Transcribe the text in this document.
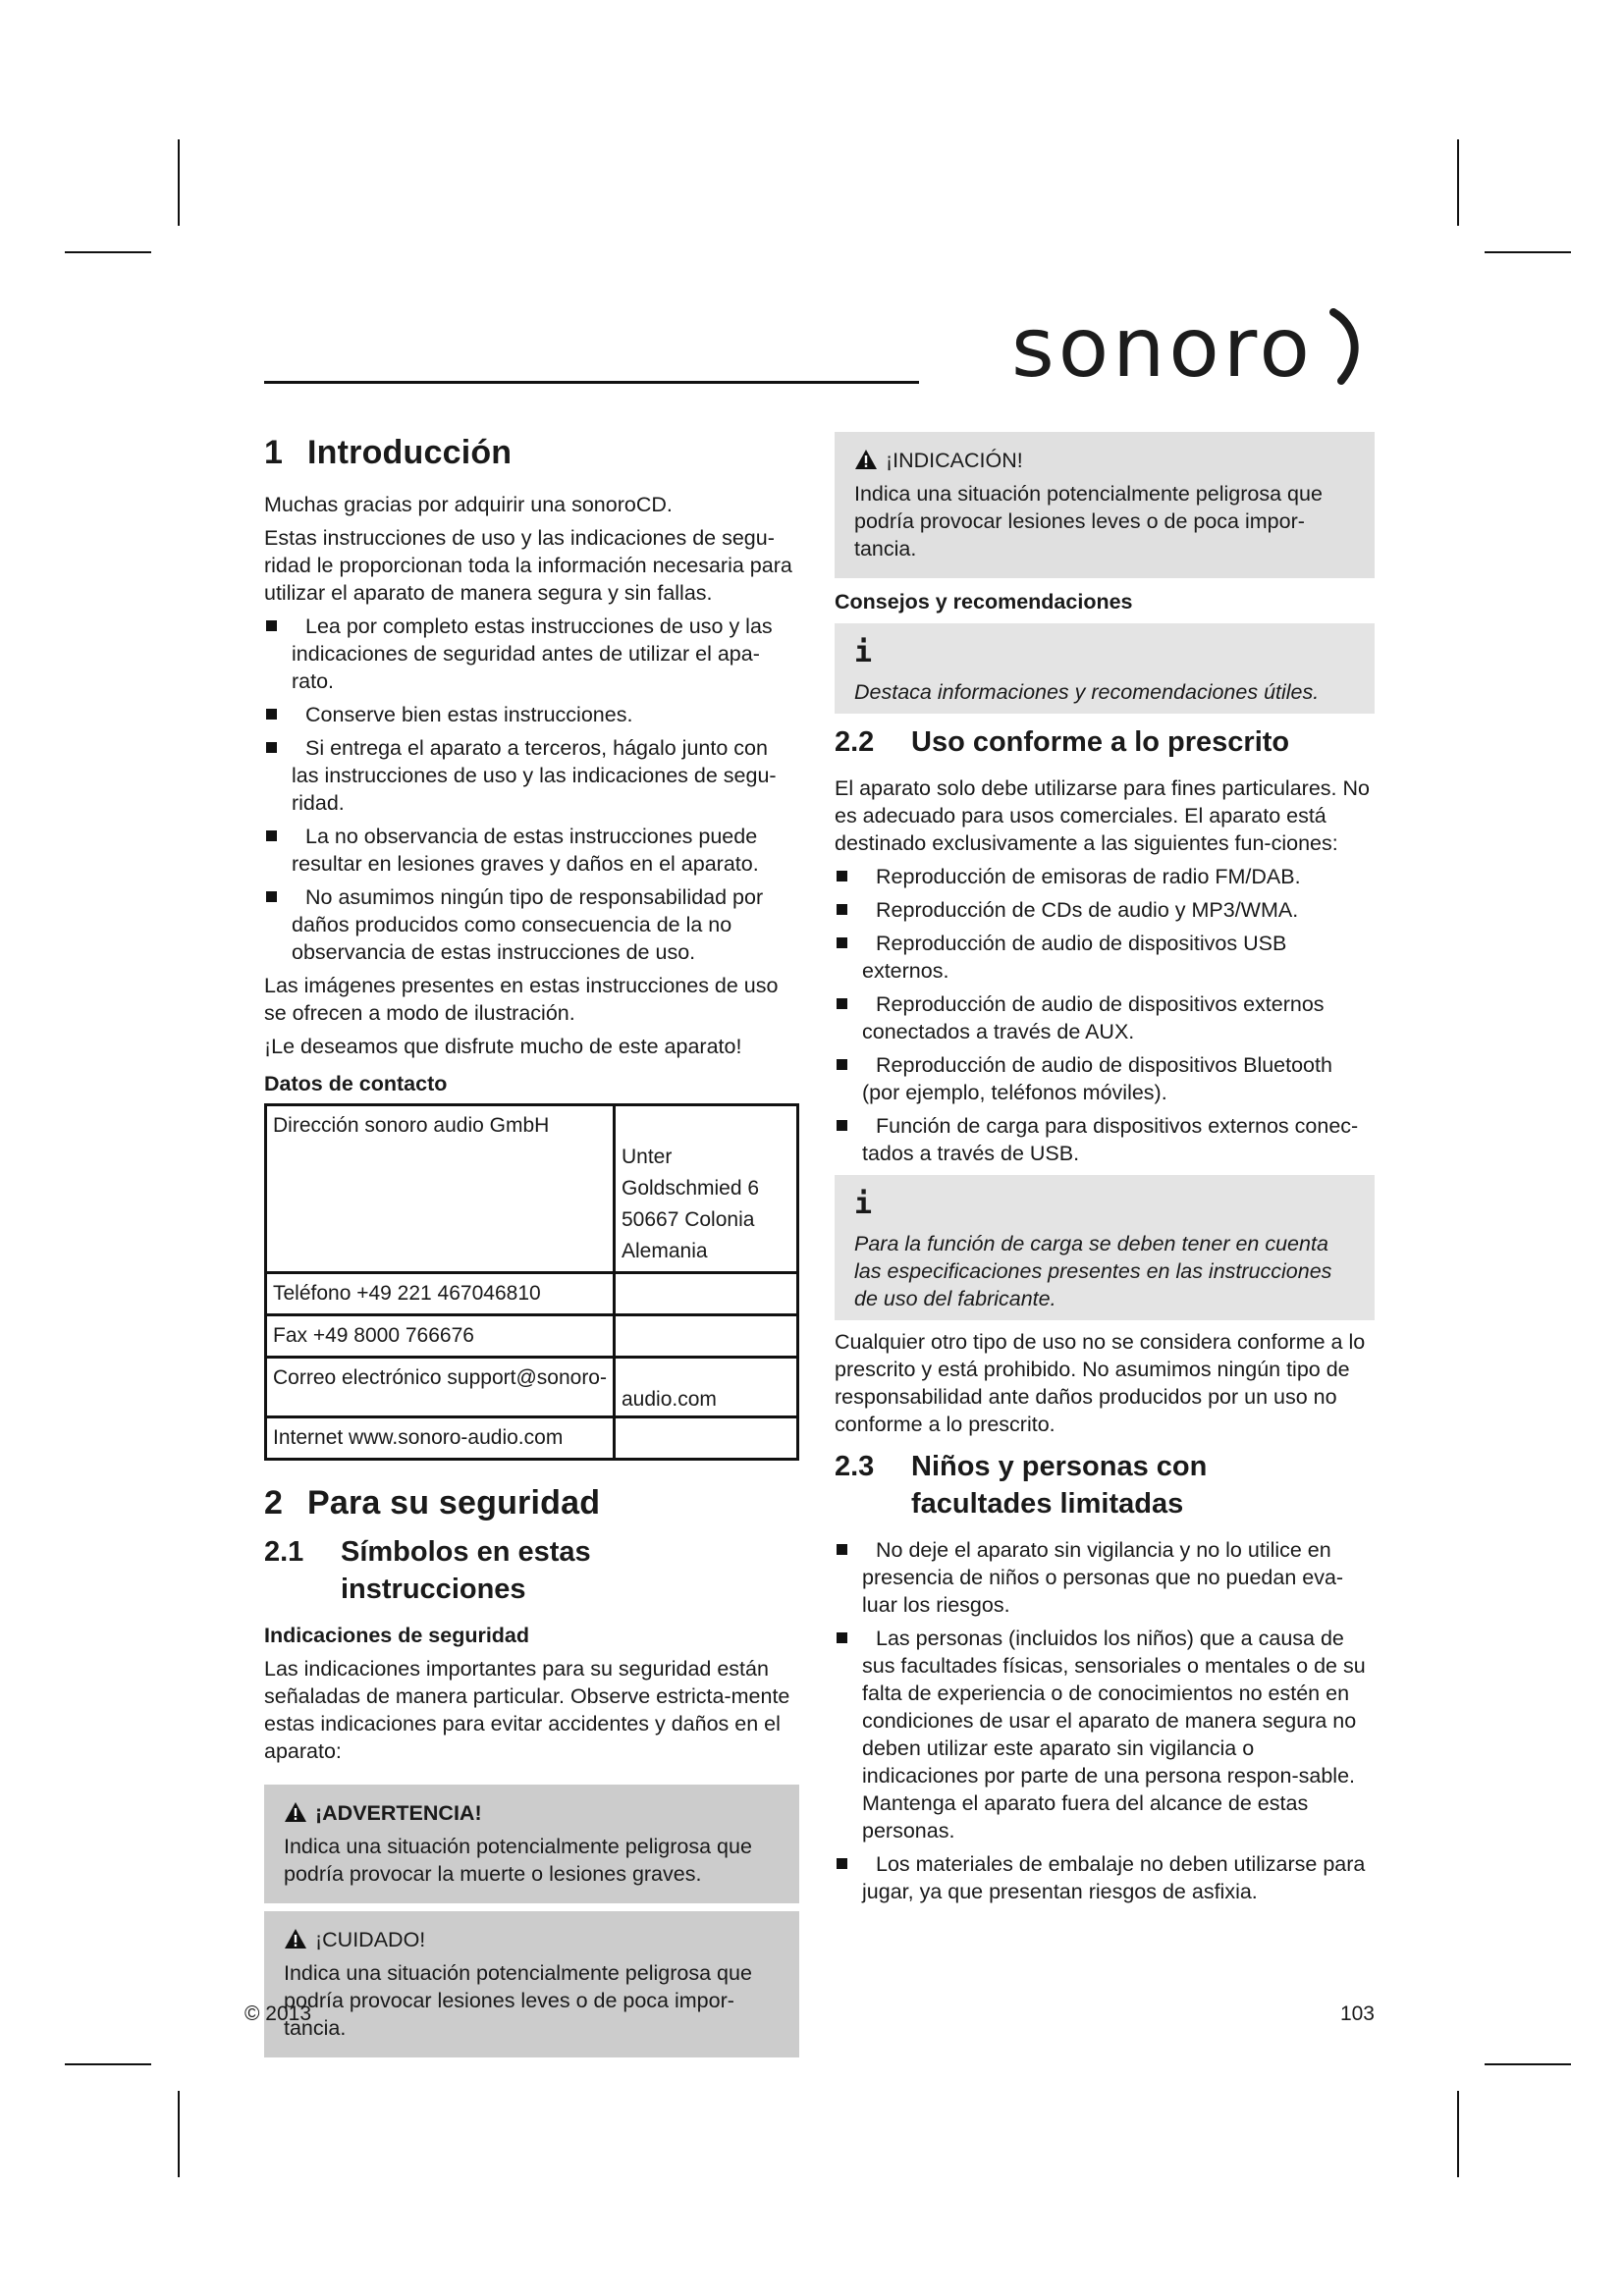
sonoro
1 Introducción

Muchas gracias por adquirir una sonoroCD.

Estas instrucciones de uso y las indicaciones de segu-ridad le proporcionan toda la información necesaria para utilizar el aparato de manera segura y sin fallas.

Lea por completo estas instrucciones de uso y las indicaciones de seguridad antes de utilizar el apa-rato.
Conserve bien estas instrucciones.
Si entrega el aparato a terceros, hágalo junto con las instrucciones de uso y las indicaciones de segu-ridad.
La no observancia de estas instrucciones puede resultar en lesiones graves y daños en el aparato.
No asumimos ningún tipo de responsabilidad por daños producidos como consecuencia de la no observancia de estas instrucciones de uso.

Las imágenes presentes en estas instrucciones de uso se ofrecen a modo de ilustración.

¡Le deseamos que disfrute mucho de este aparato!

Datos de contacto
Dirección sonoro audio GmbH	Unter Goldschmied 6
50667 Colonia
Alemania
Teléfono +49 221 467046810	
Fax +49 8000 766676	
Correo electrónico support@sonoro-	audio.com
Internet www.sonoro-audio.com	
2 Para su seguridad
2.1 Símbolos en estas instrucciones
Indicaciones de seguridad

Las indicaciones importantes para su seguridad están señaladas de manera particular. Observe estricta-mente estas indicaciones para evitar accidentes y daños en el aparato:

¡ADVERTENCIA!

Indica una situación potencialmente peligrosa que podría provocar la muerte o lesiones graves.

¡CUIDADO!

Indica una situación potencialmente peligrosa que podría provocar lesiones leves o de poca impor-tancia.

¡INDICACIÓN!

Indica una situación potencialmente peligrosa que podría provocar lesiones leves o de poca impor-tancia.

Consejos y recomendaciones
i

Destaca informaciones y recomendaciones útiles.

2.2 Uso conforme a lo prescrito

El aparato solo debe utilizarse para fines particulares. No es adecuado para usos comerciales. El aparato está destinado exclusivamente a las siguientes fun-ciones:

Reproducción de emisoras de radio FM/DAB.
Reproducción de CDs de audio y MP3/WMA.
Reproducción de audio de dispositivos USB externos.
Reproducción de audio de dispositivos externos conectados a través de AUX.
Reproducción de audio de dispositivos Bluetooth (por ejemplo, teléfonos móviles).
Función de carga para dispositivos externos conec-tados a través de USB.
i

Para la función de carga se deben tener en cuenta las especificaciones presentes en las instrucciones de uso del fabricante.

Cualquier otro tipo de uso no se considera conforme a lo prescrito y está prohibido. No asumimos ningún tipo de responsabilidad ante daños producidos por un uso no conforme a lo prescrito.

2.3 Niños y personas con facultades limitadas
No deje el aparato sin vigilancia y no lo utilice en presencia de niños o personas que no puedan eva-luar los riesgos.
Las personas (incluidos los niños) que a causa de sus facultades físicas, sensoriales o mentales o de su falta de experiencia o de conocimientos no estén en condiciones de usar el aparato de manera segura no deben utilizar este aparato sin vigilancia o indicaciones por parte de una persona respon-sable. Mantenga el aparato fuera del alcance de estas personas.
Los materiales de embalaje no deben utilizarse para jugar, ya que presentan riesgos de asfixia.
© 2013	103
